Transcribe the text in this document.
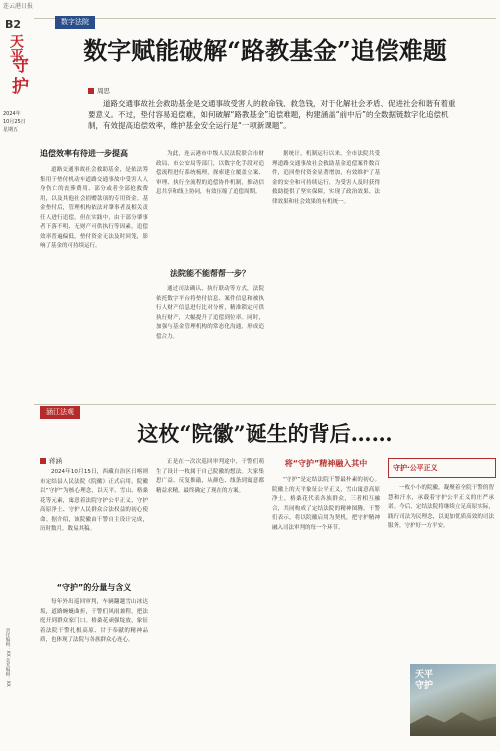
连云港日报
B2
天平
守护
2024年
10月25日
星期五
责任编辑：XX 美术编辑：XX
数字法院
数字赋能破解“路教基金”追偿难题
周思
道路交通事故社会救助基金是交通事故受害人的救命钱、救急钱，对于化解社会矛盾、促进社会和谐有着重要意义。不过，垫付容易追偿难，如何破解“路教基金”追偿难题，构建涵盖“前中后”的全数据链数字化追偿机制，有效提高追偿效率，维护基金安全运行是“一项新课题”。
追偿效率有待进一步提高

道路交通事故社会救助基金，是依法筹集用于垫付机动车道路交通事故中受害人人身伤亡的丧葬费用、部分或者全部抢救费用，以及其他社会捐赠款项的专用资金。基金垫付后，管理机构依法对肇事者及相关责任人进行追偿。但在实践中，由于部分肇事者下落不明、无财产可供执行等因素，追偿效率普遍偏低，垫付资金无法及时回笼，影响了基金的可持续运行。

为此，连云港市中级人民法院联合市财政局、市公安局等部门，以数字化手段对追偿流程进行系统梳理，探索建立覆盖立案、审理、执行全流程的追偿协作机制，推动信息共享和线上协同，有效压缩了追偿周期。

法院能不能帮帮一步？

通过司法确认、执行联动等方式，法院依托数字平台将垫付信息、案件信息和被执行人财产信息进行比对分析，精准锁定可供执行财产，大幅提升了追偿到位率。同时，加强与基金管理机构的常态化沟通，形成追偿合力。

据统计，机制运行以来，全市法院共受理道路交通事故社会救助基金追偿案件数百件，追回垫付资金显著增加，有效维护了基金的安全和可持续运行，为受害人及时获得救助提供了坚实保障，实现了政治效果、法律效果和社会效果的有机统一。

涵江法观
这枚“院徽”诞生的背后……
蒋涵

2024年10月15日，西藏自治区日喀则市定结县人民法院《院徽》正式启用，院徽以“守护”为核心理念，以天平、雪山、格桑花等元素，寓意着法院守护公平正义、守护高原净土、守护人民群众合法权益的初心使命。据介绍，该院徽由干警自主设计完成，历时数月，数易其稿。

“守护”的分量与含义

每年外出巡回审判，车辆翻越雪山冰达坂，道路蜿蜒曲折，干警们风雨兼程，把法庭开到群众家门口。格桑花顽强绽放，象征着法院干警扎根高原、甘于奉献的精神品质，也体现了法院与各族群众心连心。

正是在一次次巡回审判途中，干警们萌生了设计一枚属于自己院徽的想法。大家集思广益、反复推敲，从颜色、线条到寓意都精益求精，最终确定了现在的方案。

将“守护”精神融入其中

“守护”是定结法院干警最朴素的初心。院徽上的天平象征公平正义，雪山寓意高原净土，格桑花代表各族群众，三者相互融合，共同构成了定结法院的精神图腾。干警们表示，将以院徽启用为契机，把守护精神融入司法审判的每一个环节。

守护·公平正义

一枚小小的院徽，凝聚着全院干警的智慧和汗水，承载着守护公平正义的庄严承诺。今后，定结法院将继续立足高原实际，践行司法为民理念，以更加优质高效的司法服务，守护好一方平安。

天平
守护
